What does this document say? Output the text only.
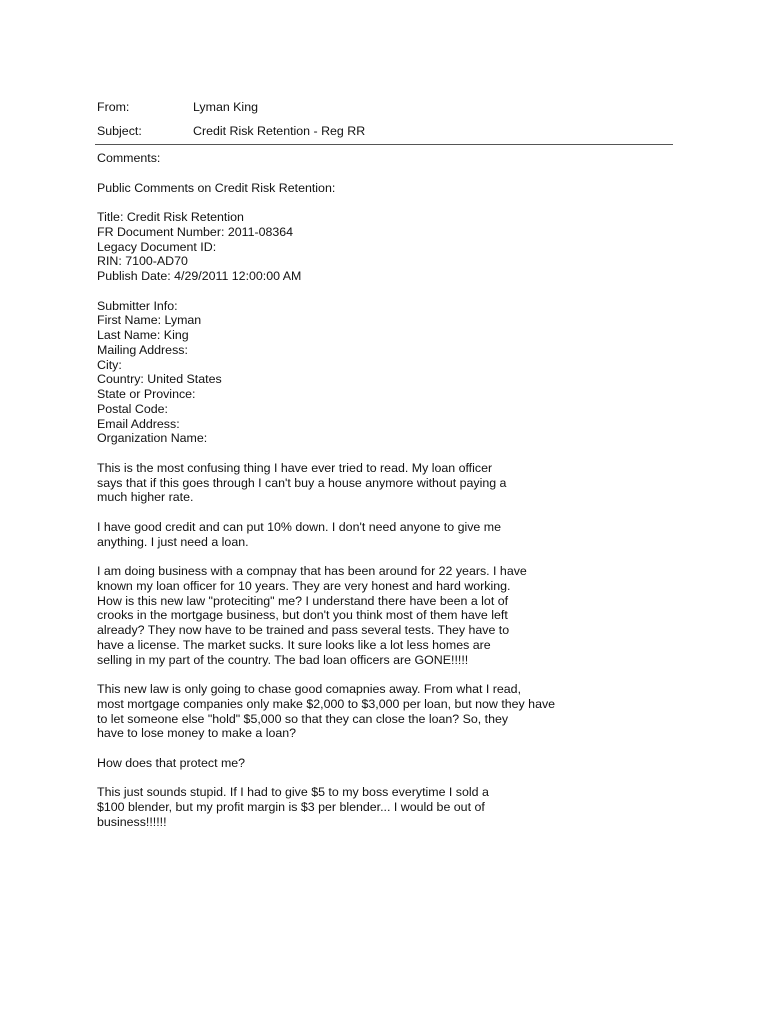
From:	Lyman King
Subject:	Credit Risk Retention - Reg RR
Comments:
Public Comments on Credit Risk Retention:
Title: Credit Risk Retention
FR Document Number: 2011-08364
Legacy Document ID:
RIN: 7100-AD70
Publish Date: 4/29/2011 12:00:00 AM
Submitter Info:
First Name: Lyman
Last Name: King
Mailing Address:
City:
Country: United States
State or Province:
Postal Code:
Email Address:
Organization Name:
This is the most confusing thing I have ever tried to read. My loan officer
says that if this goes through I can't buy a house anymore without paying a
much higher rate.
I have good credit and can put 10% down. I don't need anyone to give me
anything. I just need a loan.
I am doing business with a compnay that has been around for 22 years. I have
known my loan officer for 10 years. They are very honest and hard working.
How is this new law "proteciting" me? I understand there have been a lot of
crooks in the mortgage business, but don't you think most of them have left
already? They now have to be trained and pass several tests. They have to
have a license. The market sucks. It sure looks like a lot less homes are
selling in my part of the country. The bad loan officers are GONE!!!!!
This new law is only going to chase good comapnies away. From what I read,
most mortgage companies only make $2,000 to $3,000 per loan, but now they have
to let someone else "hold" $5,000 so that they can close the loan? So, they
have to lose money to make a loan?
How does that protect me?
This just sounds stupid. If I had to give $5 to my boss everytime I sold a
$100 blender, but my profit margin is $3 per blender... I would be out of
business!!!!!!
